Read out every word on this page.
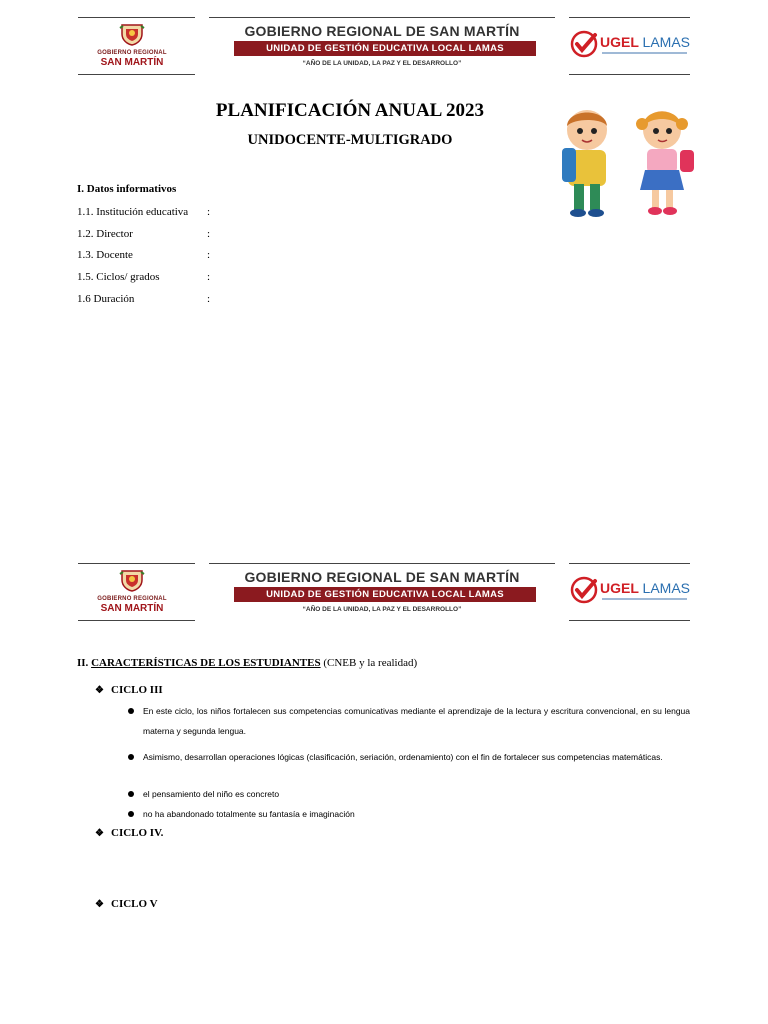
GOBIERNO REGIONAL
SAN MARTÍN
GOBIERNO REGIONAL DE SAN MARTÍN
UNIDAD DE GESTIÓN EDUCATIVA LOCAL LAMAS
“AÑO DE LA UNIDAD, LA PAZ Y EL DESARROLLO”
UGEL LAMAS
PLANIFICACIÓN ANUAL 2023
UNIDOCENTE-MULTIGRADO
I. Datos informativos
1.1. Institución educativa :
1.2. Director	:
1.3. Docente	:
1.5. Ciclos/ grados	:
1.6 Duración	:
GOBIERNO REGIONAL
SAN MARTÍN
GOBIERNO REGIONAL DE SAN MARTÍN
UNIDAD DE GESTIÓN EDUCATIVA LOCAL LAMAS
“AÑO DE LA UNIDAD, LA PAZ Y EL DESARROLLO”
UGEL LAMAS
II. CARACTERÍSTICAS DE LOS ESTUDIANTES (CNEB y la realidad)
❖ CICLO III
En este ciclo, los niños fortalecen sus competencias comunicativas mediante el aprendizaje de la lectura y escritura convencional, en su lengua materna y segunda lengua.
Asimismo, desarrollan operaciones lógicas (clasificación, seriación, ordenamiento) con el fin de fortalecer sus competencias matemáticas.
el pensamiento del niño es concreto
no ha abandonado totalmente su fantasía e imaginación
❖ CICLO IV.
❖ CICLO V
